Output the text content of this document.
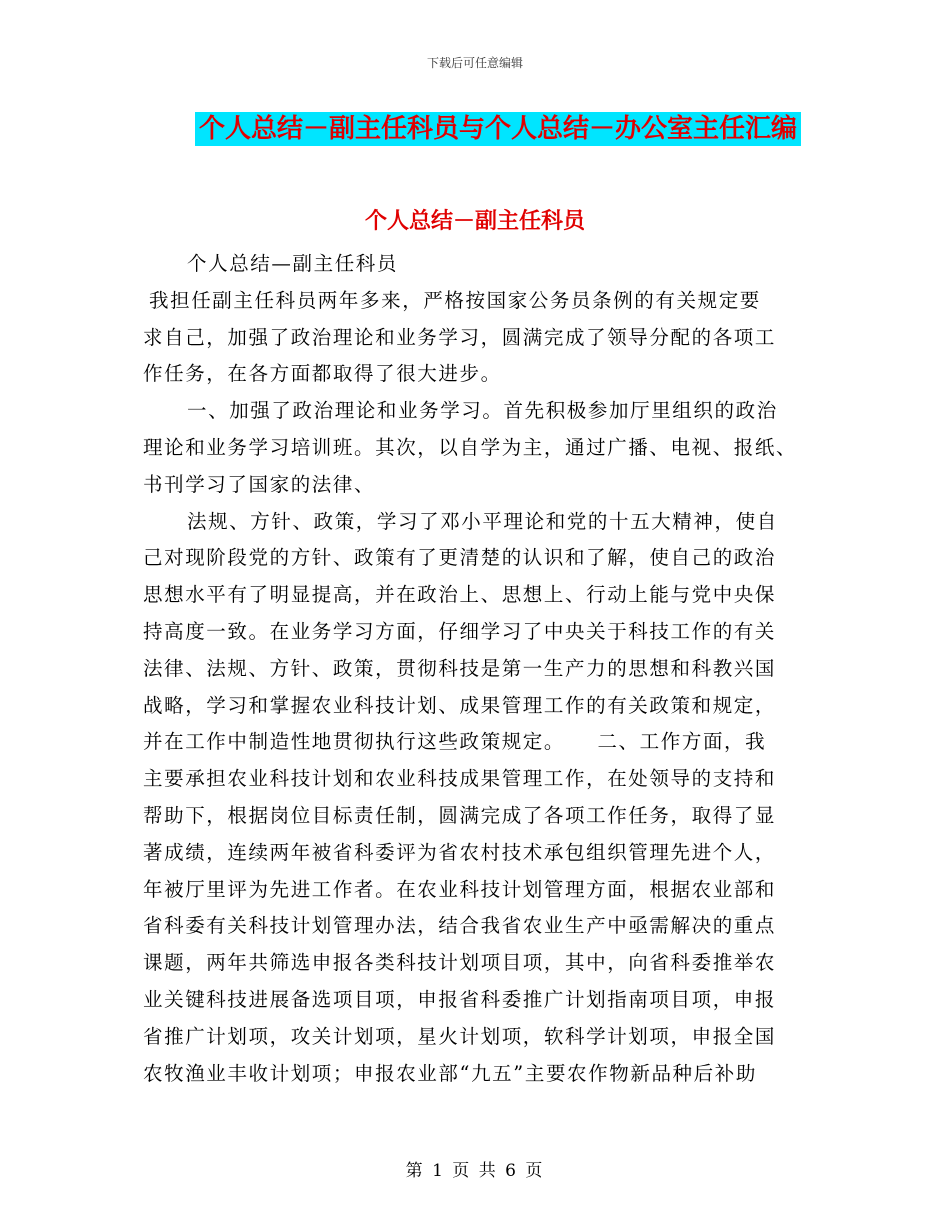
下载后可任意编辑
个人总结－副主任科员与个人总结－办公室主任汇编
个人总结－副主任科员
个人总结—副主任科员
我担任副主任科员两年多来，严格按国家公务员条例的有关规定要
求自己，加强了政治理论和业务学习，圆满完成了领导分配的各项工
作任务，在各方面都取得了很大进步。
一、加强了政治理论和业务学习。首先积极参加厅里组织的政治
理论和业务学习培训班。其次，以自学为主，通过广播、电视、报纸、
书刊学习了国家的法律、
法规、方针、政策，学习了邓小平理论和党的十五大精神，使自
己对现阶段党的方针、政策有了更清楚的认识和了解，使自己的政治
思想水平有了明显提高，并在政治上、思想上、行动上能与党中央保
持高度一致。在业务学习方面，仔细学习了中央关于科技工作的有关
法律、法规、方针、政策，贯彻科技是第一生产力的思想和科教兴国
战略，学习和掌握农业科技计划、成果管理工作的有关政策和规定，
并在工作中制造性地贯彻执行这些政策规定。　　二、工作方面，我
主要承担农业科技计划和农业科技成果管理工作，在处领导的支持和
帮助下，根据岗位目标责任制，圆满完成了各项工作任务，取得了显
著成绩，连续两年被省科委评为省农村技术承包组织管理先进个人，
年被厅里评为先进工作者。在农业科技计划管理方面，根据农业部和
省科委有关科技计划管理办法，结合我省农业生产中亟需解决的重点
课题，两年共筛选申报各类科技计划项目项，其中，向省科委推举农
业关键科技进展备选项目项，申报省科委推广计划指南项目项，申报
省推广计划项，攻关计划项，星火计划项，软科学计划项，申报全国
农牧渔业丰收计划项；申报农业部“九五”主要农作物新品种后补助
第 1 页 共 6 页
